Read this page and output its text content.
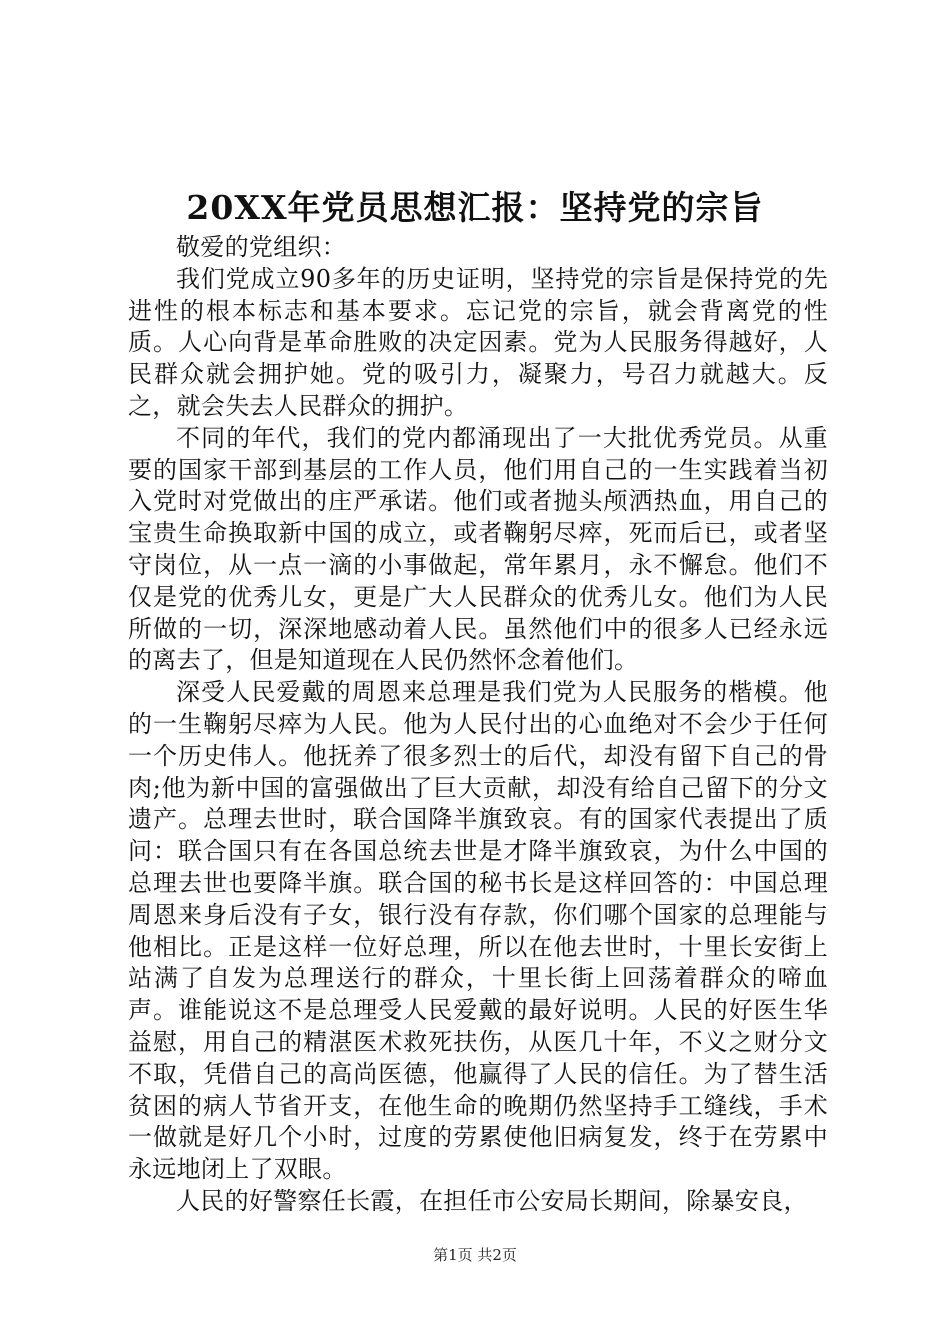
20XX年党员思想汇报：坚持党的宗旨

敬爱的党组织：

我们党成立90多年的历史证明，坚持党的宗旨是保持党的先进性的根本标志和基本要求。忘记党的宗旨，就会背离党的性质。人心向背是革命胜败的决定因素。党为人民服务得越好，人民群众就会拥护她。党的吸引力，凝聚力，号召力就越大。反之，就会失去人民群众的拥护。

不同的年代，我们的党内都涌现出了一大批优秀党员。从重要的国家干部到基层的工作人员，他们用自己的一生实践着当初入党时对党做出的庄严承诺。他们或者抛头颅洒热血，用自己的宝贵生命换取新中国的成立，或者鞠躬尽瘁，死而后已，或者坚守岗位，从一点一滴的小事做起，常年累月，永不懈怠。他们不仅是党的优秀儿女，更是广大人民群众的优秀儿女。他们为人民所做的一切，深深地感动着人民。虽然他们中的很多人已经永远的离去了，但是知道现在人民仍然怀念着他们。

深受人民爱戴的周恩来总理是我们党为人民服务的楷模。他的一生鞠躬尽瘁为人民。他为人民付出的心血绝对不会少于任何一个历史伟人。他抚养了很多烈士的后代，却没有留下自己的骨肉;他为新中国的富强做出了巨大贡献，却没有给自己留下的分文遗产。总理去世时，联合国降半旗致哀。有的国家代表提出了质问：联合国只有在各国总统去世是才降半旗致哀，为什么中国的总理去世也要降半旗。联合国的秘书长是这样回答的：中国总理周恩来身后没有子女，银行没有存款，你们哪个国家的总理能与他相比。正是这样一位好总理，所以在他去世时，十里长安街上站满了自发为总理送行的群众，十里长街上回荡着群众的啼血声。谁能说这不是总理受人民爱戴的最好说明。人民的好医生华益慰，用自己的精湛医术救死扶伤，从医几十年，不义之财分文不取，凭借自己的高尚医德，他赢得了人民的信任。为了替生活贫困的病人节省开支，在他生命的晚期仍然坚持手工缝线，手术一做就是好几个小时，过度的劳累使他旧病复发，终于在劳累中永远地闭上了双眼。

人民的好警察任长霞，在担任市公安局长期间，除暴安良，

第1页 共2页
